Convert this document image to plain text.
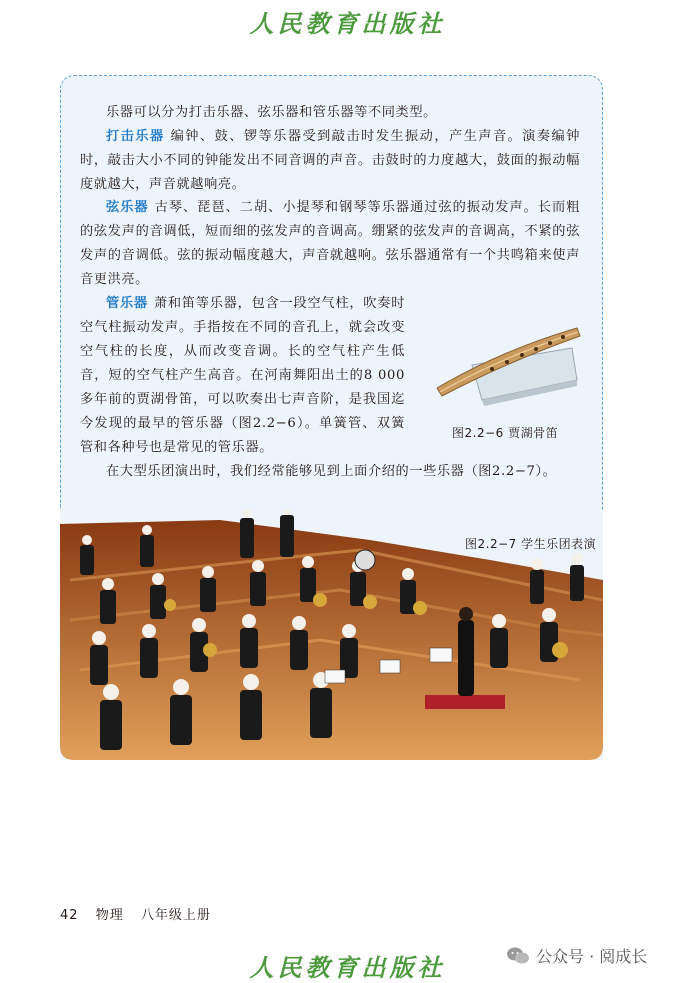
人民教育出版社

乐器可以分为打击乐器、弦乐器和管乐器等不同类型。

打击乐器 编钟、鼓、锣等乐器受到敲击时发生振动，产生声音。演奏编钟时，敲击大小不同的钟能发出不同音调的声音。击鼓时的力度越大，鼓面的振动幅度就越大，声音就越响亮。

弦乐器 古琴、琵琶、二胡、小提琴和钢琴等乐器通过弦的振动发声。长而粗的弦发声的音调低，短而细的弦发声的音调高。绷紧的弦发声的音调高，不紧的弦发声的音调低。弦的振动幅度越大，声音就越响。弦乐器通常有一个共鸣箱来使声音更洪亮。

管乐器 萧和笛等乐器，包含一段空气柱，吹奏时空气柱振动发声。手指按在不同的音孔上，就会改变空气柱的长度，从而改变音调。长的空气柱产生低音，短的空气柱产生高音。在河南舞阳出土的8 000多年前的贾湖骨笛，可以吹奏出七声音阶，是我国迄今发现的最早的管乐器（图2.2−6）。单簧管、双簧管和各种号也是常见的管乐器。

图2.2−6 贾湖骨笛

在大型乐团演出时，我们经常能够见到上面介绍的一些乐器（图2.2−7）。

图2.2−7 学生乐团表演
42 物理 八年级上册
人民教育出版社	公众号 · 阅成长
